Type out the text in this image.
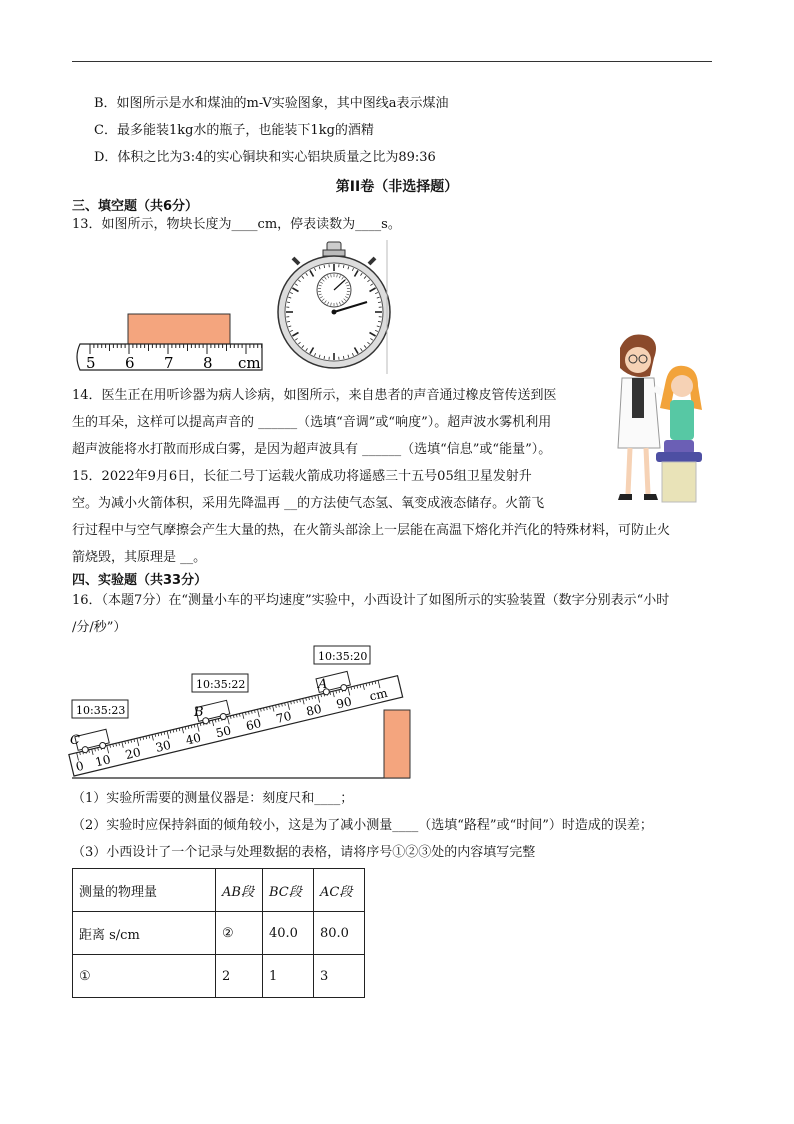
B．如图所示是水和煤油的m-V实验图象，其中图线a表示煤油
C．最多能装1kg水的瓶子，也能装下1kg的酒精
D．体积之比为3:4的实心铜块和实心铝块质量之比为89:36
第II卷（非选择题）
三、填空题（共6分）
13．如图所示，物块长度为____cm，停表读数为____s。
5 6 7 8 cm
14．医生正在用听诊器为病人诊病，如图所示，来自患者的声音通过橡皮管传送到医
生的耳朵，这样可以提高声音的 ______（选填“音调”或“响度”）。超声波水雾机利用
超声波能将水打散而形成白雾，是因为超声波具有 ______（选填“信息”或“能量”）。
15．2022年9月6日，长征二号丁运载火箭成功将遥感三十五号05组卫星发射升
空。为减小火箭体积，采用先降温再 __的方法使气态氢、氧变成液态储存。火箭飞
行过程中与空气摩擦会产生大量的热，在火箭头部涂上一层能在高温下熔化并汽化的特殊材料，可防止火
箭烧毁，其原理是 __。
四、实验题（共33分）
16．（本题7分）在“测量小车的平均速度”实验中，小西设计了如图所示的实验装置（数字分别表示“小时
/分/秒”）
0 10 20 30 40 50 60 70 80 90 cm
C
B
A
10:35:23
10:35:22
10:35:20
（1）实验所需要的测量仪器是：刻度尺和____；
（2）实验时应保持斜面的倾角较小，这是为了减小测量____（选填“路程”或“时间”）时造成的误差；
（3）小西设计了一个记录与处理数据的表格，请将序号①②③处的内容填写完整
测量的物理量	AB段	BC段	AC段
距离 s/cm	②	40.0	80.0
①	2	1	3
